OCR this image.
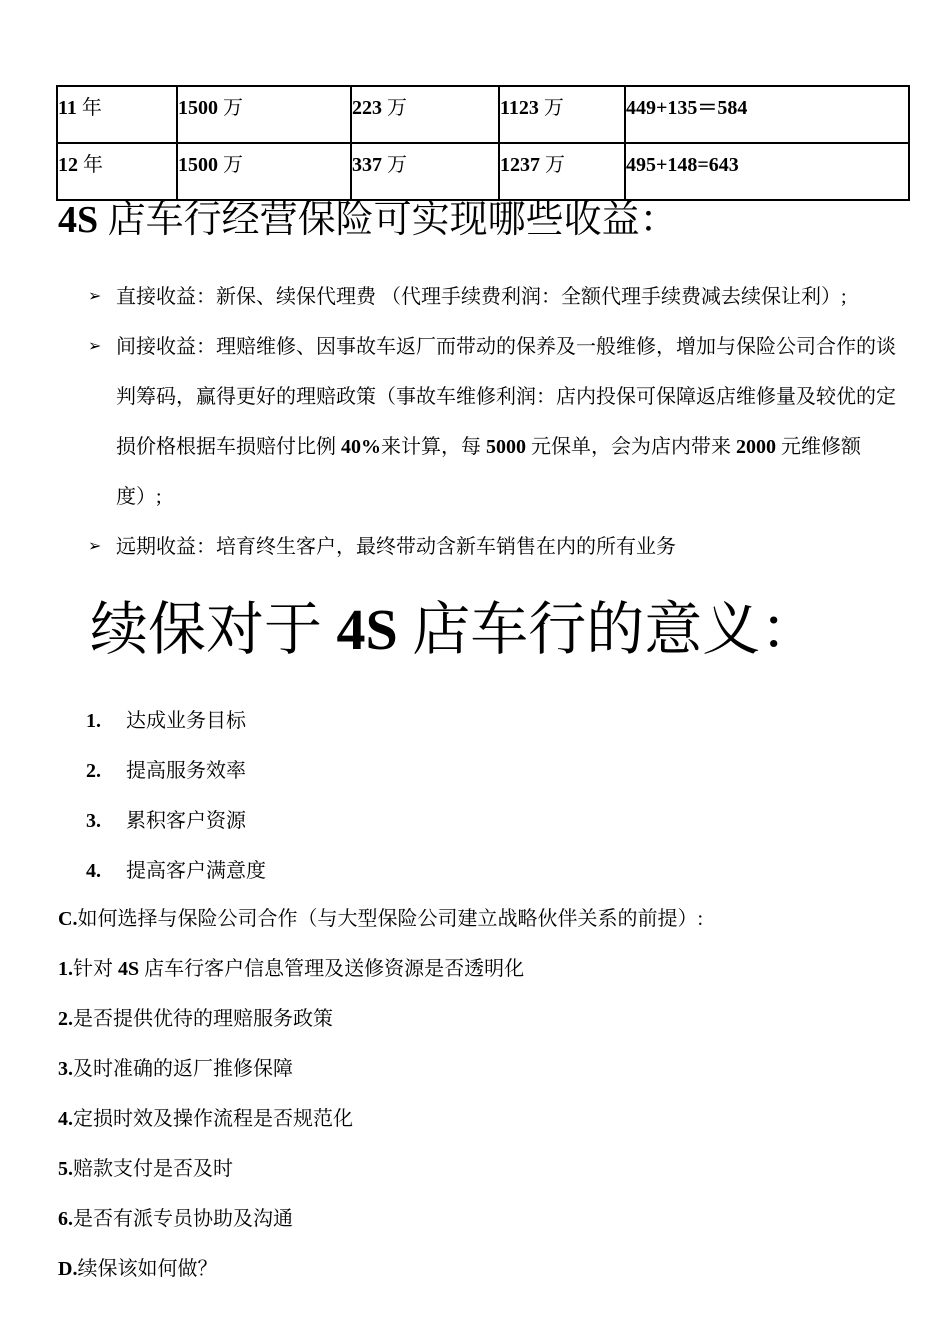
11 年	1500 万	223 万	1123 万	449+135＝584
12 年	1500 万	337 万	1237 万	495+148=643
4S 店车行经营保险可实现哪些收益：
➢ 直接收益：新保、续保代理费 （代理手续费利润：全额代理手续费减去续保让利）;
➢ 间接收益：理赔维修、因事故车返厂而带动的保养及一般维修，增加与保险公司合作的谈判筹码，赢得更好的理赔政策（事故车维修利润：店内投保可保障返店维修量及较优的定损价格根据车损赔付比例 40%来计算，每 5000 元保单，会为店内带来 2000 元维修额度）;
➢ 远期收益：培育终生客户，最终带动含新车销售在内的所有业务
续保对于 4S 店车行的意义：
1. 达成业务目标
2. 提高服务效率
3. 累积客户资源
4. 提高客户满意度
C.如何选择与保险公司合作（与大型保险公司建立战略伙伴关系的前提）:
1.针对 4S 店车行客户信息管理及送修资源是否透明化
2.是否提供优待的理赔服务政策
3.及时准确的返厂推修保障
4.定损时效及操作流程是否规范化
5.赔款支付是否及时
6.是否有派专员协助及沟通
D.续保该如何做？
